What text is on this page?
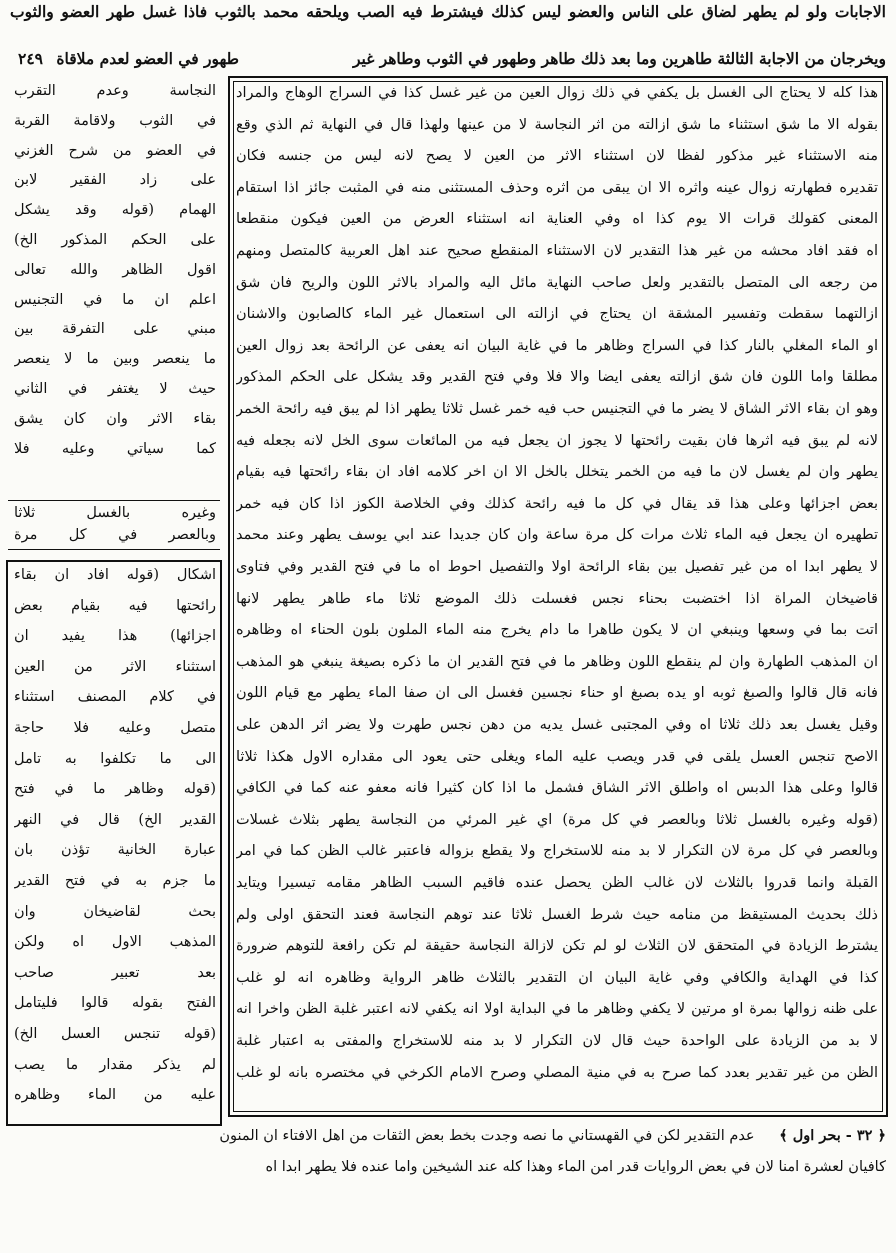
الاجابات ولو لم يطهر لضاق على الناس والعضو ليس كذلك فيشترط فيه الصب ويلحقه محمد بالثوب فاذا غسل طهر العضو والثوب
ويخرجان من الاجابة الثالثة طاهرين وما بعد ذلك طاهر وطهور في الثوب وطاهر غير
طهور في العضو لعدم ملاقاة ٢٤٩
هذا كله لا يحتاج الى الغسل بل يكفي في ذلك زوال العين من غير غسل كذا في السراج الوهاج والمراد
بقوله الا ما شق استثناء ما شق ازالته من أثر النجاسة لا من عينها ولهذا قال في النهاية ثم الذي وقع
منه الاستثناء غير مذكور لفظا لان استثناء الاثر من العين لا يصح لانه ليس من جنسه فكان
تقديره فطهارته زوال عينه وأثره الا أن يبقى من أثره وحذف المستثنى منه في المثبت جائز اذا استقام
المعنى كقولك قرأت الا يوم كذا اه وفي العناية انه استثناء العرض من العين فيكون منقطعا
اه فقد أفاد محشه من غير هذا التقدير لان الاستثناء المنقطع صحيح عند أهل العربية كالمتصل ومنهم
من رجعه الى المتصل بالتقدير ولعل صاحب النهاية مائل اليه والمراد بالاثر اللون والريح فان شق
ازالتهما سقطت وتفسير المشقة أن يحتاج في ازالته الى استعمال غير الماء كالصابون والاشنان
أو الماء المغلي بالنار كذا في السراج وظاهر ما في غاية البيان انه يعفى عن الرائحة بعد زوال العين
مطلقا وأما اللون فان شق ازالته يعفى أيضا والا فلا وفي فتح القدير وقد يشكل على الحكم المذكور
وهو ان بقاء الاثر الشاق لا يضر ما في التجنيس حب فيه خمر غسل ثلاثا يطهر اذا لم يبق فيه رائحة الخمر
لانه لم يبق فيه أثرها فان بقيت رائحتها لا يجوز ان يجعل فيه من المائعات سوى الخل لانه بجعله فيه
يطهر وان لم يغسل لان ما فيه من الخمر يتخلل بالخل الا أن آخر كلامه أفاد ان بقاء رائحتها فيه بقيام
بعض أجزائها وعلى هذا قد يقال في كل ما فيه رائحة كذلك وفي الخلاصة الكوز اذا كان فيه خمر
تطهيره ان يجعل فيه الماء ثلاث مرات كل مرة ساعة وان كان جديدا عند أبي يوسف يطهر وعند محمد
لا يطهر أبدا اه من غير تفصيل بين بقاء الرائحة أولا والتفصيل أحوط اه ما في فتح القدير وفي فتاوى
قاضيخان المرأة اذا اختضبت بحناء نجس فغسلت ذلك الموضع ثلاثا ماء طاهر يطهر لانها
أتت بما في وسعها وينبغي أن لا يكون طاهرا ما دام يخرج منه الماء الملون بلون الحناء اه وظاهره
ان المذهب الطهارة وان لم ينقطع اللون وظاهر ما في فتح القدير ان ما ذكره بصيغة ينبغي هو المذهب
فانه قال قالوا والصبغ ثوبه أو يده بصبغ أو حناء نجسين فغسل الى ان صفا الماء يطهر مع قيام اللون
وقيل يغسل بعد ذلك ثلاثا اه وفي المجتبى غسل يديه من دهن نجس طهرت ولا يضر أثر الدهن على
الاصح تنجس العسل يلقى في قدر ويصب عليه الماء ويغلى حتى يعود الى مقداره الاول هكذا ثلاثا
قالوا وعلى هذا الدبس اه وأطلق الاثر الشاق فشمل ما اذا كان كثيرا فانه معفو عنه كما في الكافي
(قوله وغيره بالغسل ثلاثا وبالعصر في كل مرة) أي غير المرئي من النجاسة يطهر بثلاث غسلات
وبالعصر في كل مرة لان التكرار لا بد منه للاستخراج ولا يقطع بزواله فاعتبر غالب الظن كما في أمر
القبلة وانما قدروا بالثلاث لان غالب الظن يحصل عنده فأقيم السبب الظاهر مقامه تيسيرا ويتأيد
ذلك بحديث المستيقظ من منامه حيث شرط الغسل ثلاثا عند توهم النجاسة فعند التحقق أولى ولم
يشترط الزيادة في المتحقق لان الثلاث لو لم تكن لازالة النجاسة حقيقة لم تكن رافعة للتوهم ضرورة
كذا في الهداية والكافي وفي غاية البيان ان التقدير بالثلاث ظاهر الرواية وظاهره انه لو غلب
على ظنه زوالها بمرة أو مرتين لا يكفي وظاهر ما في البداية أولا انه يكفي لانه اعتبر غلبة الظن وآخرا انه
لا بد من الزيادة على الواحدة حيث قال لان التكرار لا بد منه للاستخراج والمفتى به اعتبار غلبة
الظن من غير تقدير بعدد كما صرح به في منية المصلي وصرح الامام الكرخي في مختصره بانه لو غلب
النجاسة وعدم التقرب
في الثوب ولاقامة القربة
في العضو من شرح الغزني
على زاد الفقير لابن
الهمام (قوله وقد يشكل
على الحكم المذكور الخ)
أقول الظاهر والله تعالى
أعلم ان ما في التجنيس
مبني على التفرقة بين
ما ينعصر وبين ما لا ينعصر
حيث لا يغتفر في الثاني
بقاء الاثر وان كان يشق
كما سيأتي وعليه فلا
وغيره بالغسل ثلاثا
وبالعصر في كل مرة
اشكال (قوله أفاد ان بقاء
رائحتها فيه بقيام بعض
أجزائها) هذا يفيد ان
استثناء الاثر من العين
في كلام المصنف استثناء
متصل وعليه فلا حاجة
الى ما تكلفوا به تأمل
(قوله وظاهر ما في فتح
القدير الخ) قال في النهر
عبارة الخانية تؤذن بان
ما جزم به في فتح القدير
بحث لقاضيخان وان
المذهب الاول اه ولكن
بعد تعبير صاحب
الفتح بقوله قالوا فليتأمل
(قوله تنجس العسل الخ)
لم يذكر مقدار ما يصب
عليه من الماء وظاهره
﴿ ٣٢ - بحر اول ﴾ عدم التقدير لكن في القهستاني ما نصه وجدت بخط بعض الثقات من أهل الافتاء ان المنون
كافيان لعشرة أمنا لان في بعض الروايات قدر امن الماء وهذا كله عند الشيخين وأما عنده فلا يطهر أبدا اه
